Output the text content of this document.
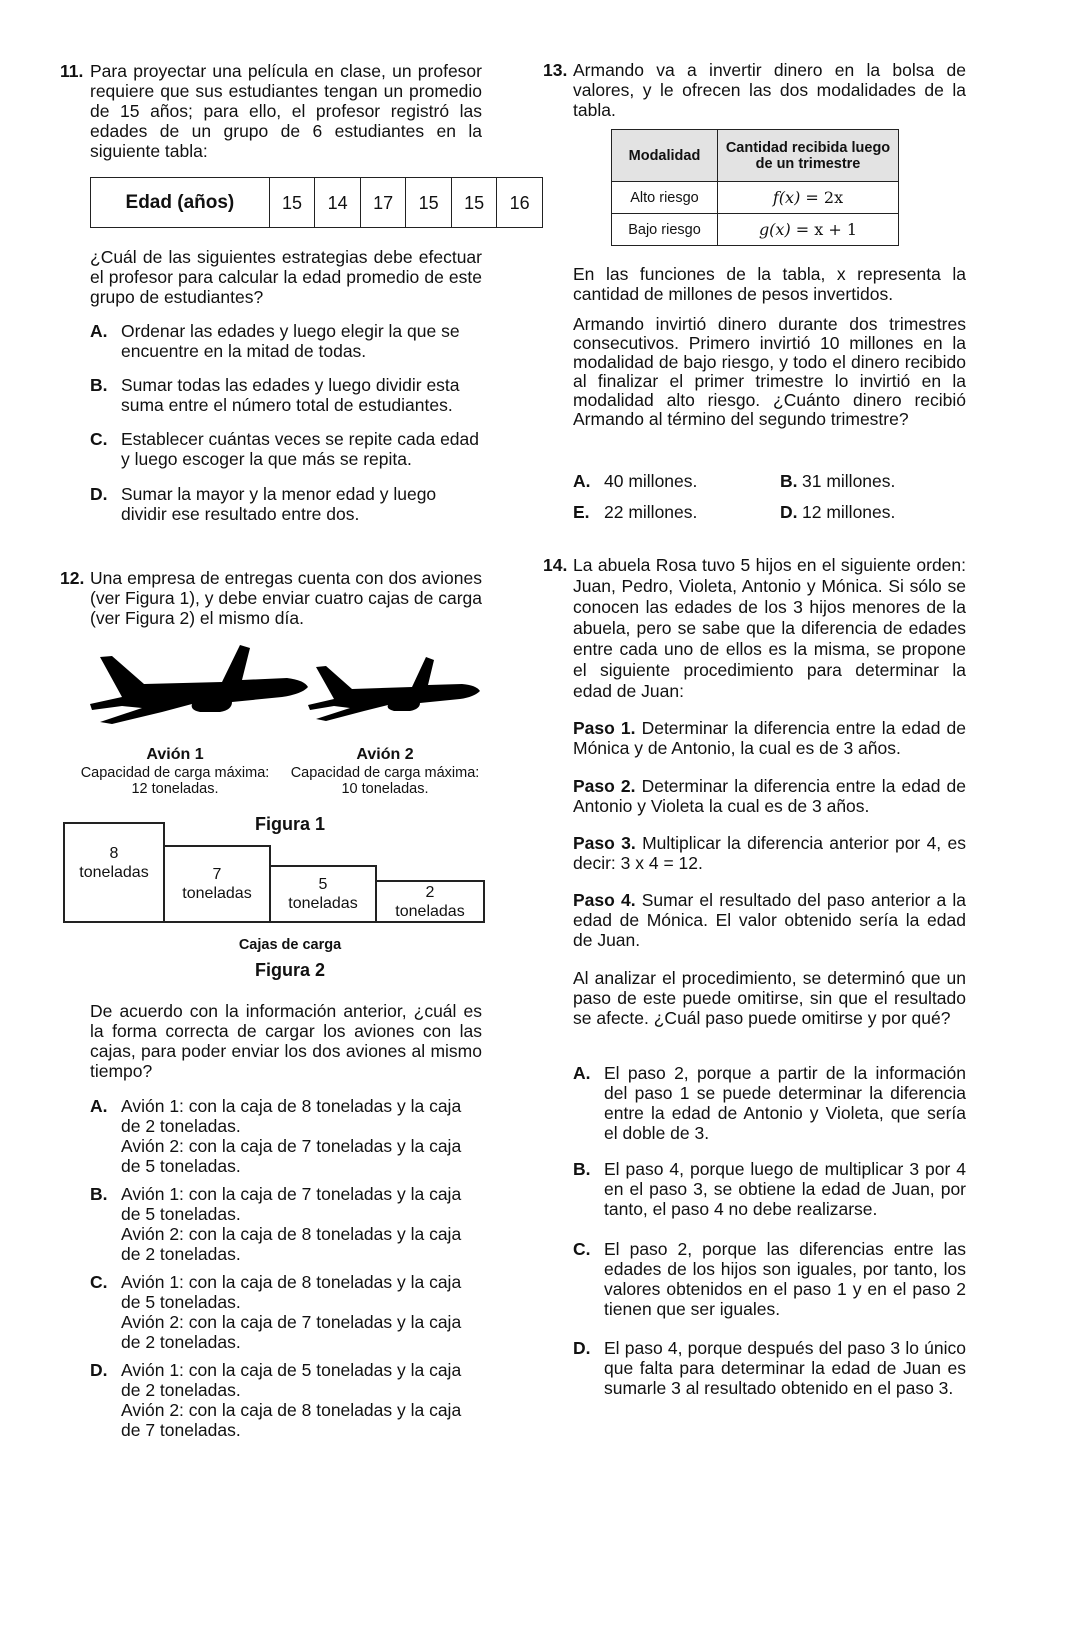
11. Para proyectar una película en clase, un profesor requiere que sus estudiantes tengan un promedio de 15 años; para ello, el profesor registró las edades de un grupo de 6 estudiantes en la siguiente tabla:
Edad (años)	15	14	17	15	15	16
¿Cuál de las siguientes estrategias debe efectuar el profesor para calcular la edad promedio de este grupo de estudiantes?
A. Ordenar las edades y luego elegir la que se encuentre en la mitad de todas.
B. Sumar todas las edades y luego dividir esta suma entre el número total de estudiantes.
C. Establecer cuántas veces se repite cada edad y luego escoger la que más se repita.
D. Sumar la mayor y la menor edad y luego dividir ese resultado entre dos.
12. Una empresa de entregas cuenta con dos aviones (ver Figura 1), y debe enviar cuatro cajas de carga (ver Figura 2) el mismo día.
Avión 1
Capacidad de carga máxima:
12 toneladas.
Avión 2
Capacidad de carga máxima:
10 toneladas.
Figura 1
8
toneladas	7
toneladas
5
toneladas
2
toneladas
Cajas de carga
Figura 2
De acuerdo con la información anterior, ¿cuál es la forma correcta de cargar los aviones con las cajas, para poder enviar los dos aviones al mismo tiempo?
A. Avión 1: con la caja de 8 toneladas y la caja de 2 toneladas.
Avión 2: con la caja de 7 toneladas y la caja de 5 toneladas.
B. Avión 1: con la caja de 7 toneladas y la caja de 5 toneladas.
Avión 2: con la caja de 8 toneladas y la caja de 2 toneladas.
C. Avión 1: con la caja de 8 toneladas y la caja de 5 toneladas.
Avión 2: con la caja de 7 toneladas y la caja de 2 toneladas.
D. Avión 1: con la caja de 5 toneladas y la caja de 2 toneladas.
Avión 2: con la caja de 8 toneladas y la caja de 7 toneladas.
13. Armando va a invertir dinero en la bolsa de valores, y le ofrecen las dos modalidades de la tabla.
Modalidad	Cantidad recibida luego de un trimestre
Alto riesgo	f(x) = 2x
Bajo riesgo	g(x) = x + 1
En las funciones de la tabla, x representa la cantidad de millones de pesos invertidos.
Armando invirtió dinero durante dos trimestres consecutivos. Primero invirtió 10 millones en la modalidad de bajo riesgo, y todo el dinero recibido al finalizar el primer trimestre lo invirtió en la modalidad alto riesgo. ¿Cuánto dinero recibió Armando al término del segundo trimestre?
A. 40 millones.	B. 31 millones.
E. 22 millones.	D. 12 millones.
14. La abuela Rosa tuvo 5 hijos en el siguiente orden: Juan, Pedro, Violeta, Antonio y Mónica. Si sólo se conocen las edades de los 3 hijos menores de la abuela, pero se sabe que la diferencia de edades entre cada uno de ellos es la misma, se propone el siguiente procedimiento para determinar la edad de Juan:
Paso 1. Determinar la diferencia entre la edad de Mónica y de Antonio, la cual es de 3 años.
Paso 2. Determinar la diferencia entre la edad de Antonio y Violeta la cual es de 3 años.
Paso 3. Multiplicar la diferencia anterior por 4, es decir: 3 x 4 = 12.
Paso 4. Sumar el resultado del paso anterior a la edad de Mónica. El valor obtenido sería la edad de Juan.
Al analizar el procedimiento, se determinó que un paso de este puede omitirse, sin que el resultado se afecte. ¿Cuál paso puede omitirse y por qué?
A. El paso 2, porque a partir de la información del paso 1 se puede determinar la diferencia entre la edad de Antonio y Violeta, que sería el doble de 3.
B. El paso 4, porque luego de multiplicar 3 por 4 en el paso 3, se obtiene la edad de Juan, por tanto, el paso 4 no debe realizarse.
C. El paso 2, porque las diferencias entre las edades de los hijos son iguales, por tanto, los valores obtenidos en el paso 1 y en el paso 2 tienen que ser iguales.
D. El paso 4, porque después del paso 3 lo único que falta para determinar la edad de Juan es sumarle 3 al resultado obtenido en el paso 3.
